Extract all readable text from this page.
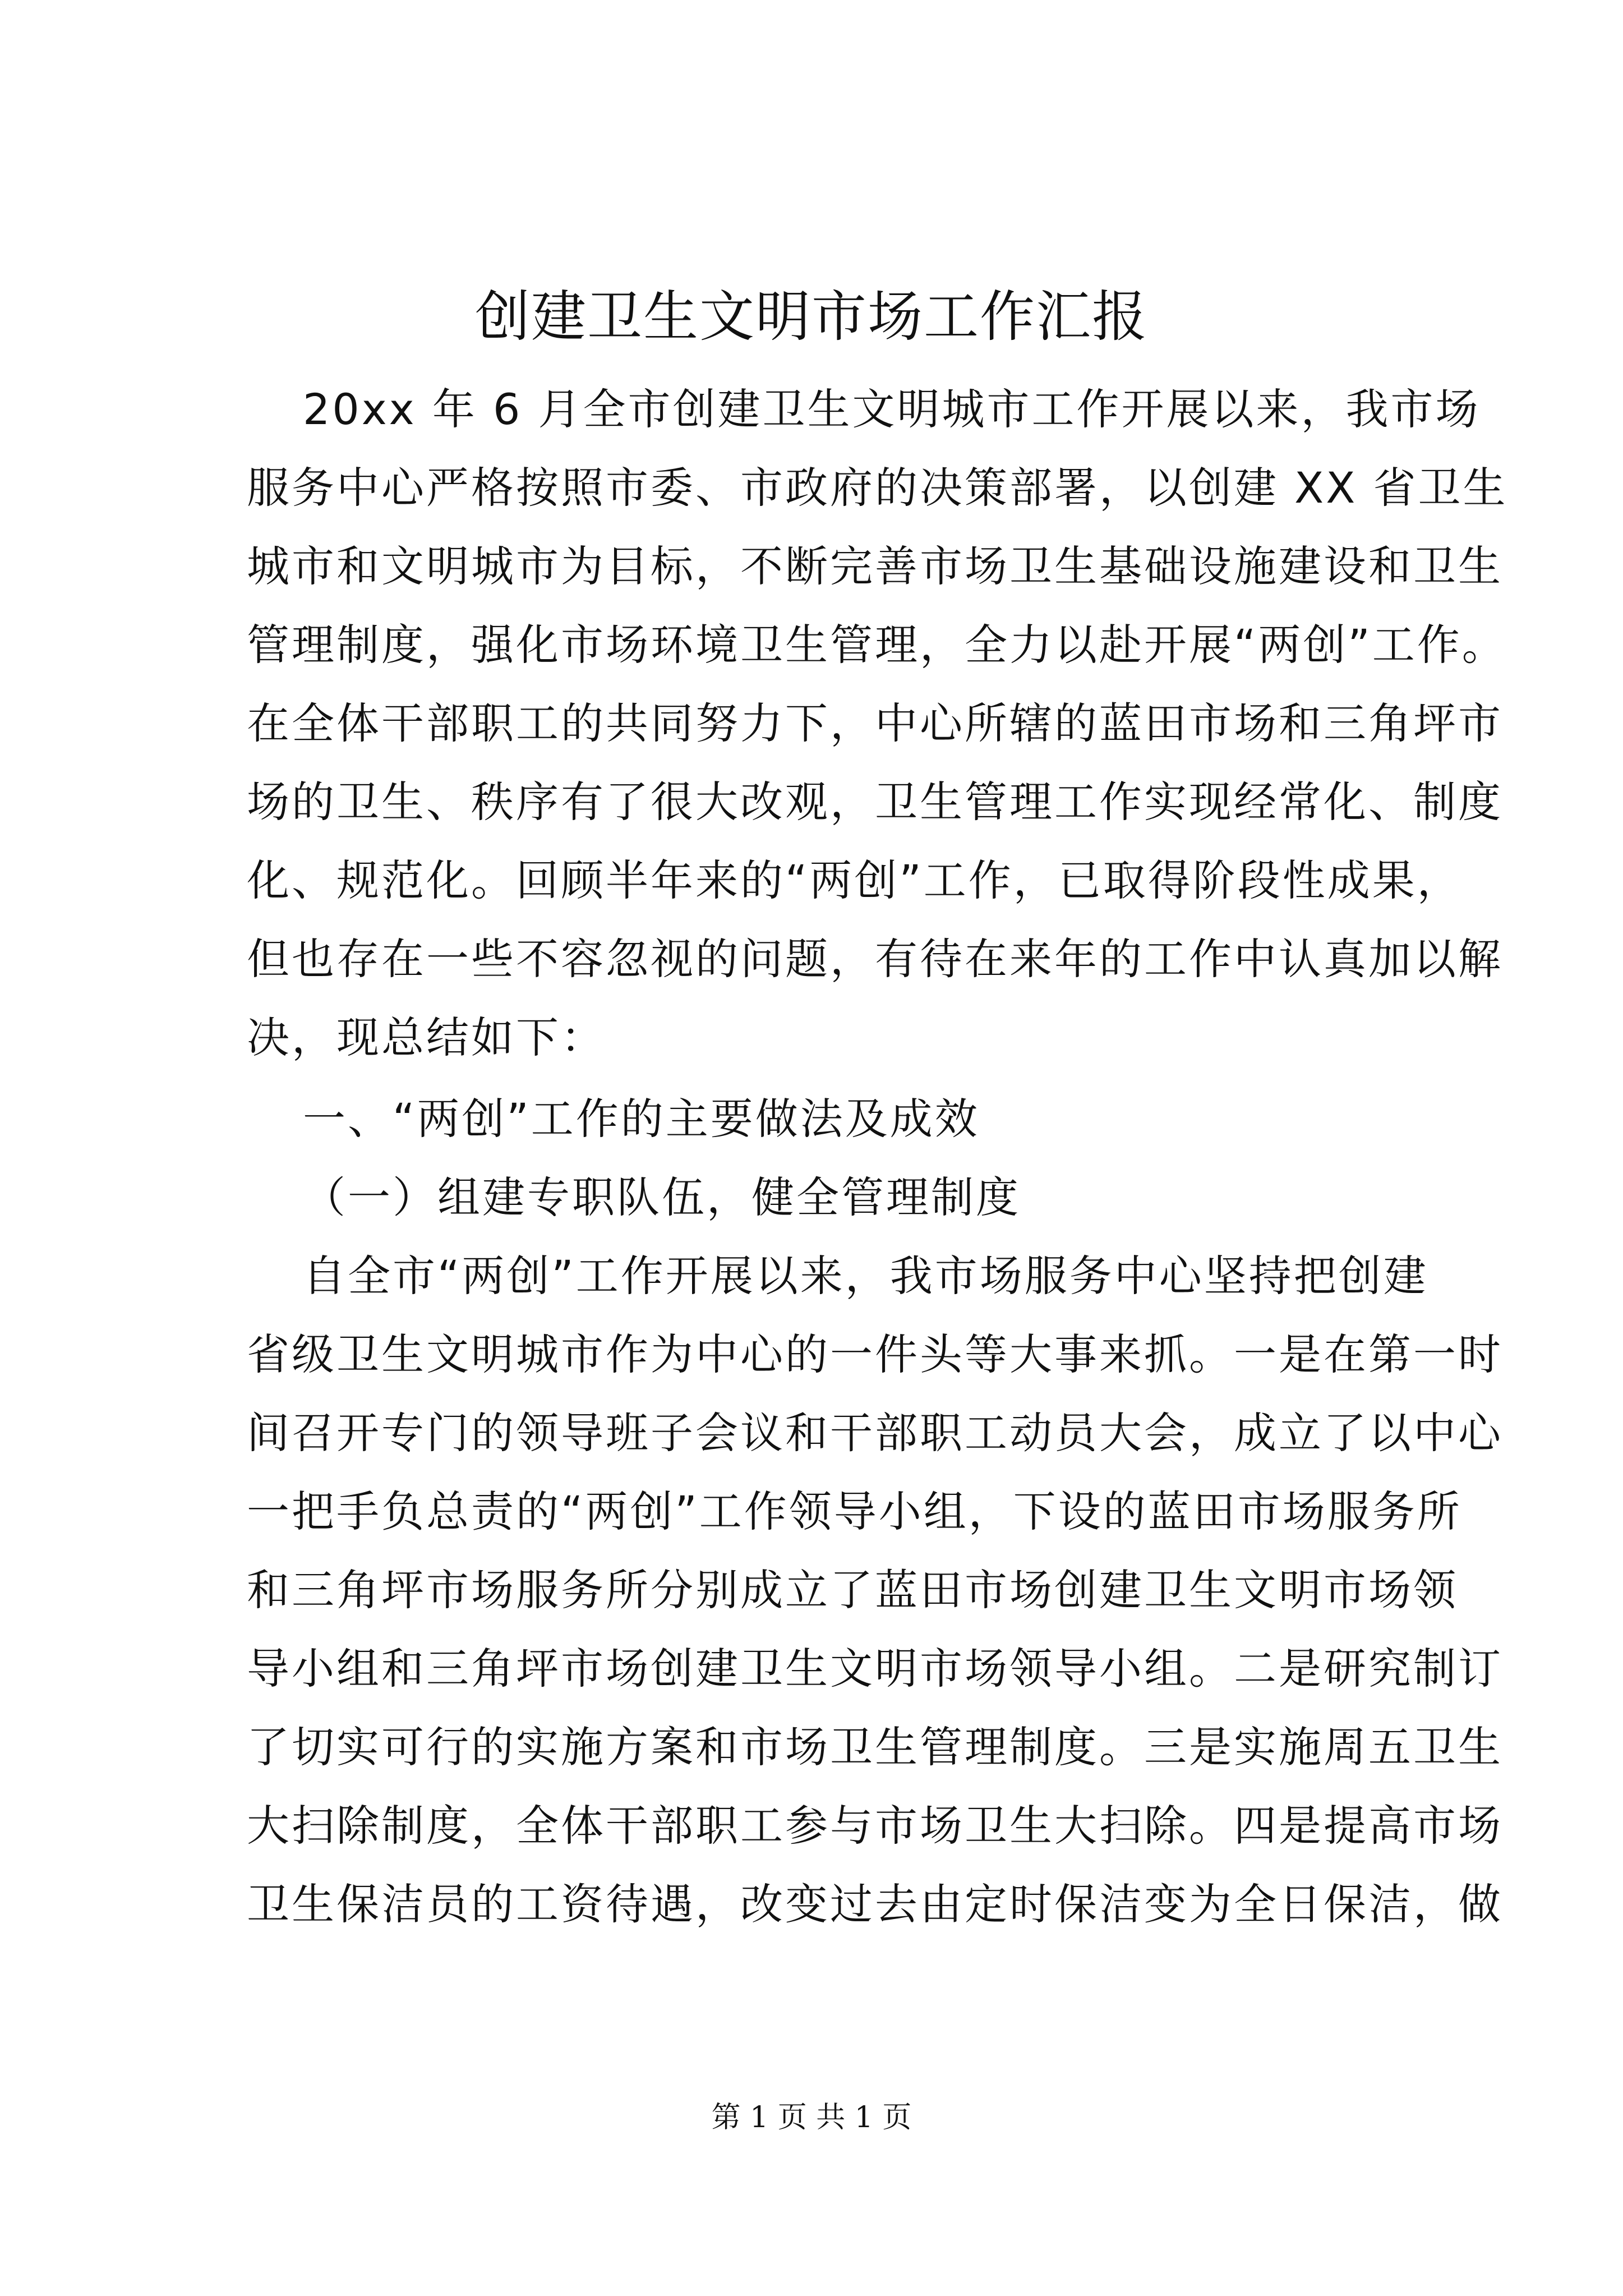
创建卫生文明市场工作汇报
20xx 年 6 月全市创建卫生文明城市工作开展以来，我市场
服务中心严格按照市委、市政府的决策部署，以创建 XX 省卫生
城市和文明城市为目标，不断完善市场卫生基础设施建设和卫生
管理制度，强化市场环境卫生管理，全力以赴开展“两创”工作。
在全体干部职工的共同努力下，中心所辖的蓝田市场和三角坪市
场的卫生、秩序有了很大改观，卫生管理工作实现经常化、制度
化、规范化。回顾半年来的“两创”工作，已取得阶段性成果，
但也存在一些不容忽视的问题，有待在来年的工作中认真加以解
决，现总结如下：
一、“两创”工作的主要做法及成效
（一）组建专职队伍，健全管理制度
自全市“两创”工作开展以来，我市场服务中心坚持把创建
省级卫生文明城市作为中心的一件头等大事来抓。一是在第一时
间召开专门的领导班子会议和干部职工动员大会，成立了以中心
一把手负总责的“两创”工作领导小组，下设的蓝田市场服务所
和三角坪市场服务所分别成立了蓝田市场创建卫生文明市场领
导小组和三角坪市场创建卫生文明市场领导小组。二是研究制订
了切实可行的实施方案和市场卫生管理制度。三是实施周五卫生
大扫除制度，全体干部职工参与市场卫生大扫除。四是提高市场
卫生保洁员的工资待遇，改变过去由定时保洁变为全日保洁，做
第 1 页 共 1 页
